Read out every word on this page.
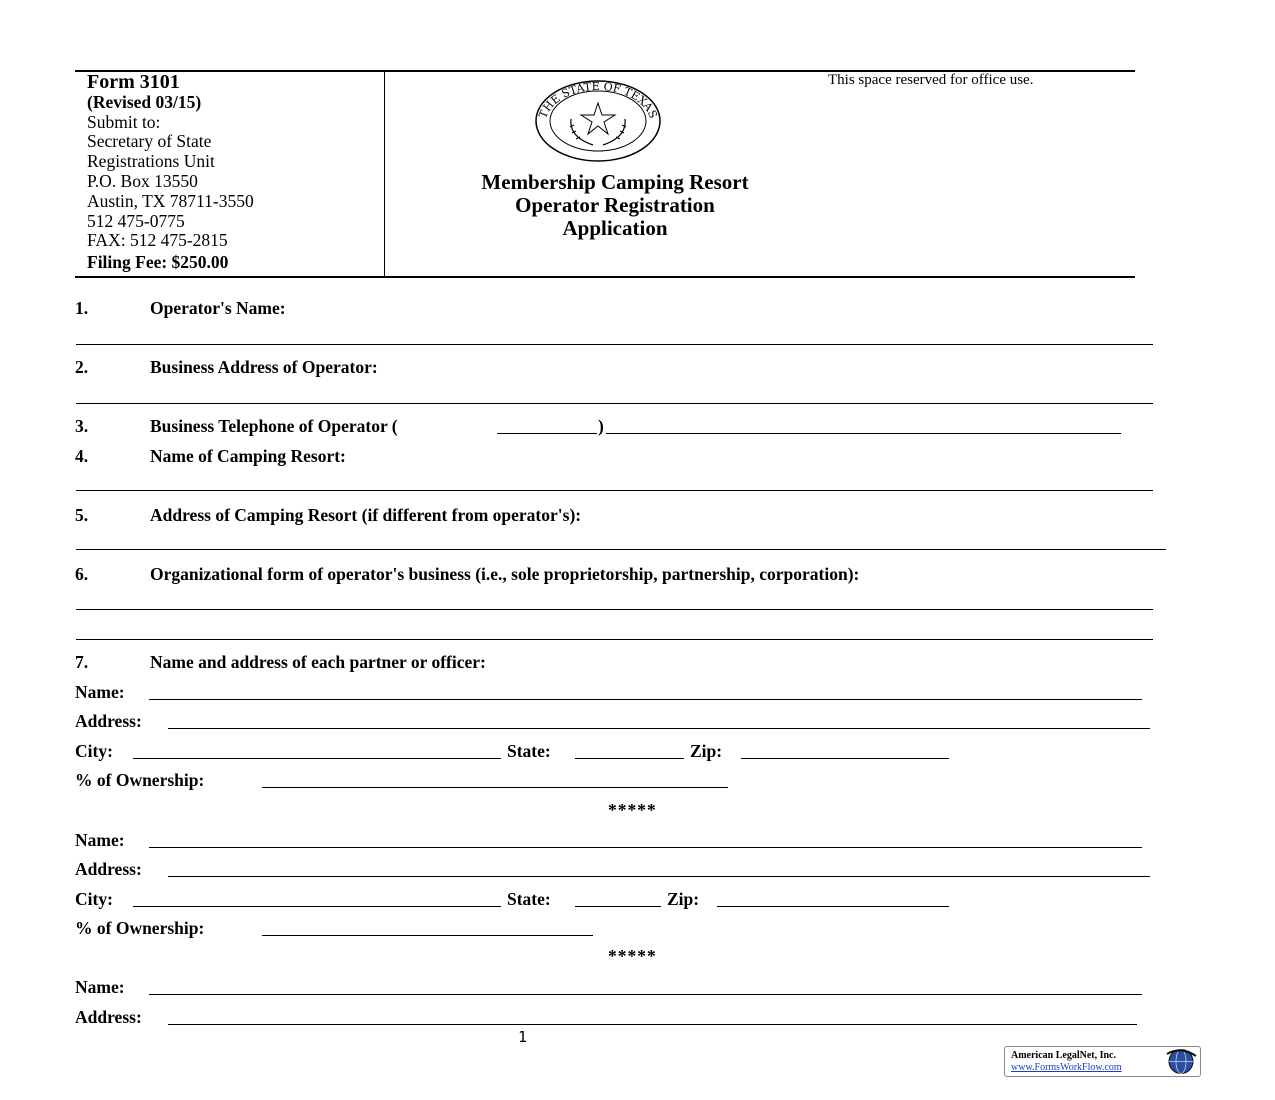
Form 3101
(Revised 03/15)
Submit to:
Secretary of State
Registrations Unit
P.O. Box 13550
Austin, TX 78711-3550
512 475-0775
FAX: 512 475-2815
Filing Fee: $250.00
This space reserved for office use.
THE STATE OF TEXAS
Membership Camping Resort
Operator Registration
Application
1.	Operator's Name:
2.	Business Address of Operator:
3.	Business Telephone of Operator (	)
4.	Name of Camping Resort:
5.	Address of Camping Resort (if different from operator's):
6.	Organizational form of operator's business (i.e., sole proprietorship, partnership, corporation):
7.	Name and address of each partner or officer:
Name:
Address:
City:	State:	Zip:
% of Ownership:
*****
Name:
Address:
City:	State:	Zip:
% of Ownership:
*****
Name:
Address:
1
American LegalNet, Inc.
www.FormsWorkFlow.com
